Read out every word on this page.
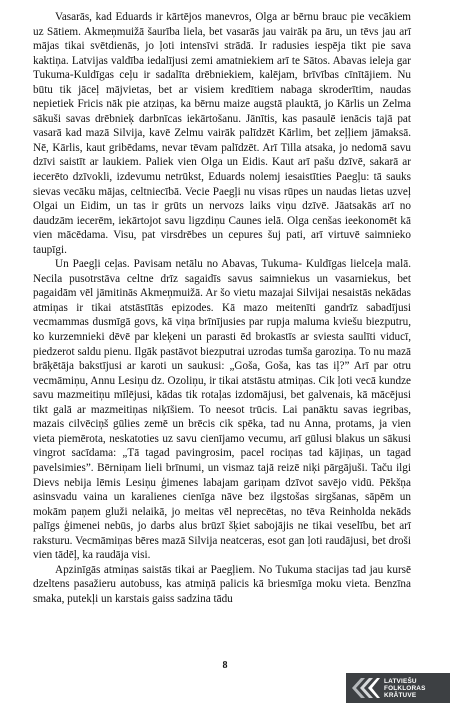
Vasarās, kad Eduards ir kārtējos manevros, Olga ar bērnu brauc pie vecākiem uz Sātiem. Akmeņmuižā šaurība liela, bet vasarās jau vairāk pa āru, un tēvs jau arī mājas tikai svētdienās, jo ļoti intensīvi strādā. Ir radusies iespēja tikt pie sava kaktiņa. Latvijas valdība iedalījusi zemi amatniekiem arī te Sātos. Abavas ieleja gar Tukuma-Kuldīgas ceļu ir sadalīta drēbniekiem, kalējam, brīvības cīnītājiem. Nu būtu tik jāceļ mājvietas, bet ar visiem kredītiem nabaga skroderītim, naudas nepietiek Fricis nāk pie atziņas, ka bērnu maize augstā plauktā, jo Kārlis un Zelma sākuši savas drēbnieķ darbnīcas iekārtošanu. Jānītis, kas pasaulē ienācis tajā pat vasarā kad mazā Silvija, kavē Zelmu vairāk palīdzēt Kārlim, bet zeļļiem jāmaksā. Nē, Kārlis, kaut gribēdams, nevar tēvam palīdzēt. Arī Tilla atsaka, jo nedomā savu dzīvi saistīt ar laukiem. Paliek vien Olga un Eidis. Kaut arī pašu dzīvē, sakarā ar iecerēto dzīvokli, izdevumu netrūkst, Eduards nolemj iesaistīties Paegļu: tā sauks sievas vecāku mājas, celtniecībā. Vecie Paegļi nu visas rūpes un naudas lietas uzveļ Olgai un Eidim, un tas ir grūts un nervozs laiks viņu dzīvē. Jāatsakās arī no daudzām iecerēm, iekārtojot savu ligzdiņu Caunes ielā. Olga cenšas ieekonomēt kā vien mācēdama. Visu, pat virsdrēbes un cepures šuj pati, arī virtuvē saimnieko taupīgi.

Un Paegļi ceļas. Pavisam netālu no Abavas, Tukuma- Kuldīgas lielceļa malā. Necila pusotrstāva celtne drīz sagaidīs savus saimniekus un vasarniekus, bet pagaidām vēl jāmitinās Akmeņmuižā. Ar šo vietu mazajai Silvijai nesaistās nekādas atmiņas ir tikai atstāstītās epizodes. Kā mazo meitenīti gandrīz sabadījusi vecmammas dusmīgā govs, kā viņa brīnījusies par rupja maluma kviešu biezputru, ko kurzemnieki dēvē par kleķeni un parasti ēd brokastīs ar sviesta saulīti viducī, piedzerot saldu pienu. Ilgāk pastāvot biezputrai uzrodas tumša garoziņa. To nu mazā brāķētāja bakstījusi ar karoti un saukusi: „Goša, Goša, kas tas iļ?” Arī par otru vecmāmiņu, Annu Lesiņu dz. Ozoliņu, ir tikai atstāstu atmiņas. Cik ļoti vecā kundze savu mazmeitiņu mīlējusi, kādas tik rotaļas izdomājusi, bet galvenais, kā mācējusi tikt galā ar mazmeitiņas niķīšiem. To neesot trūcis. Lai panāktu savas iegribas, mazais cilvēciņš gūlies zemē un brēcis cik spēka, tad nu Anna, protams, ja vien vieta piemērota, neskatoties uz savu cienījamo vecumu, arī gūlusi blakus un sākusi vingrot sacīdama: „Tā tagad pavingrosim, pacel rociņas tad kājiņas, un tagad pavelsimies”. Bērniņam lieli brīnumi, un vismaz tajā reizē niķi pārgājuši. Taču ilgi Dievs nebija lēmis Lesiņu ģimenes labajam gariņam dzīvot savējo vidū. Pēkšņa asinsvadu vaina un karalienes cienīga nāve bez ilgstošas sirgšanas, sāpēm un mokām paņem gluži nelaikā, jo meitas vēl neprecētas, no tēva Reinholda nekāds palīgs ģimenei nebūs, jo darbs alus brūzī šķiet sabojājis ne tikai veselību, bet arī raksturu. Vecmāmiņas bēres mazā Silvija neatceras, esot gan ļoti raudājusi, bet droši vien tādēļ, ka raudāja visi.

Apzinīgās atmiņas saistās tikai ar Paegļiem. No Tukuma stacijas tad jau kursē dzeltens pasažieru autobuss, kas atmiņā palicis kā briesmīga moku vieta. Benzīna smaka, putekļi un karstais gaiss sadzina tādu

8
LATVIEŠU
FOLKLORAS
KRĀTUVE
